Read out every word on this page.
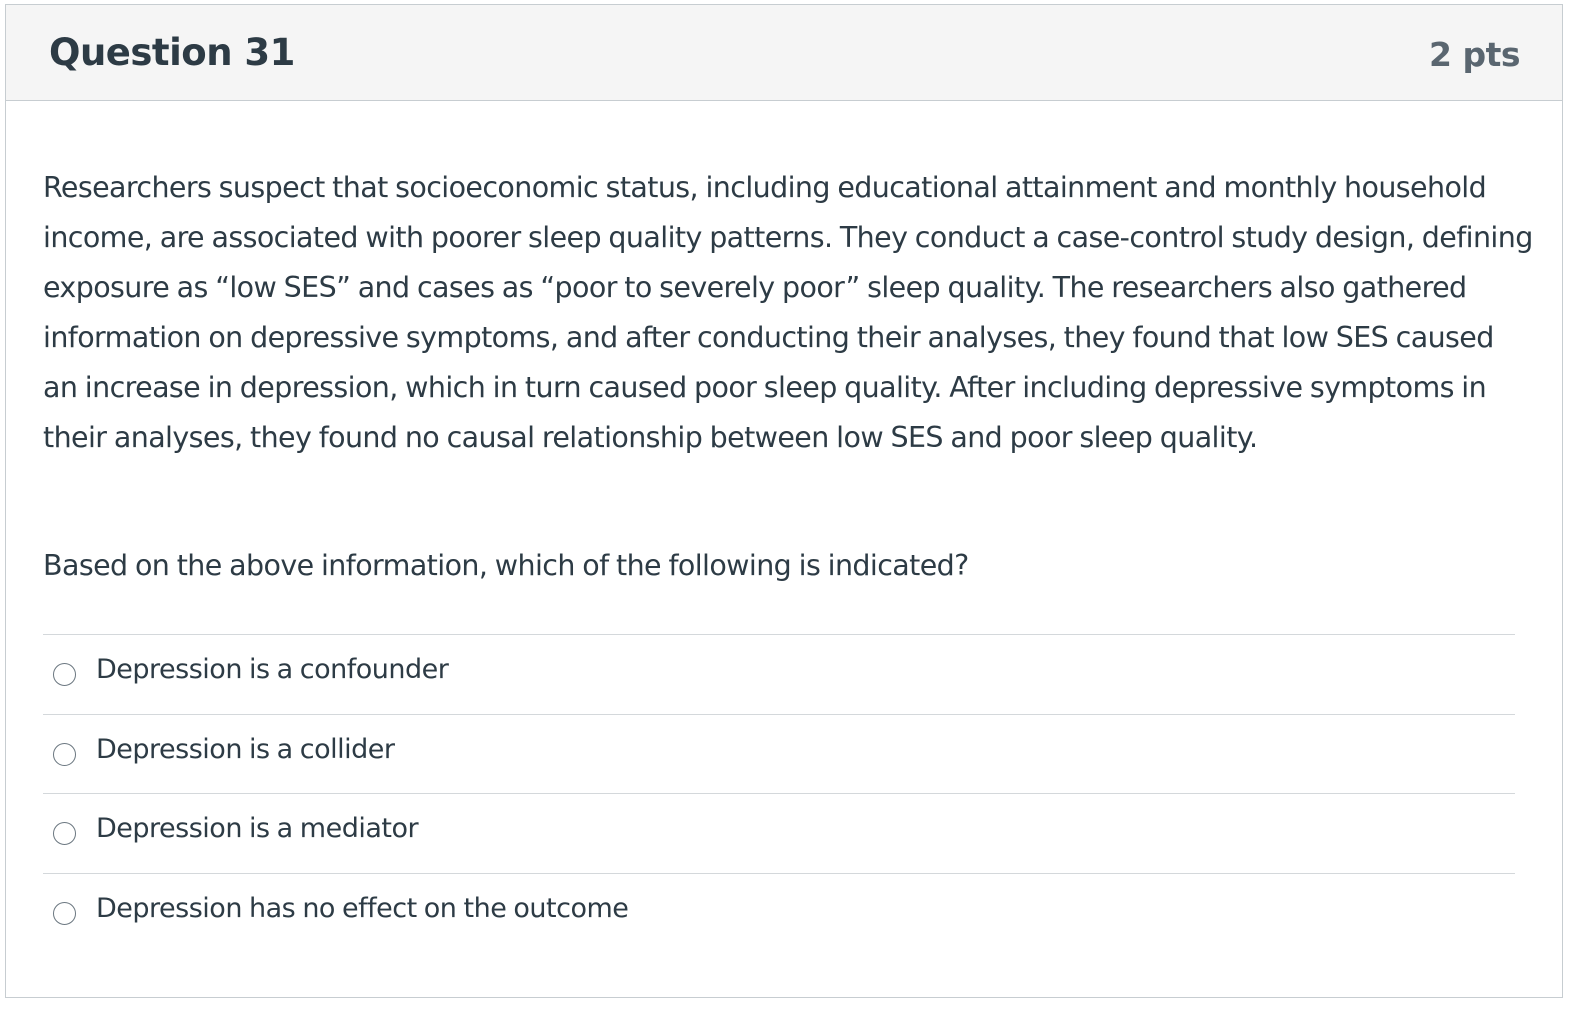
Question 31	2 pts

Researchers suspect that socioeconomic status, including educational attainment and monthly household income, are associated with poorer sleep quality patterns. They conduct a case-control study design, defining exposure as “low SES” and cases as “poor to severely poor” sleep quality. The researchers also gathered information on depressive symptoms, and after conducting their analyses, they found that low SES caused an increase in depression, which in turn caused poor sleep quality. After including depressive symptoms in their analyses, they found no causal relationship between low SES and poor sleep quality.

Based on the above information, which of the following is indicated?

Depression is a confounder
Depression is a collider
Depression is a mediator
Depression has no effect on the outcome
